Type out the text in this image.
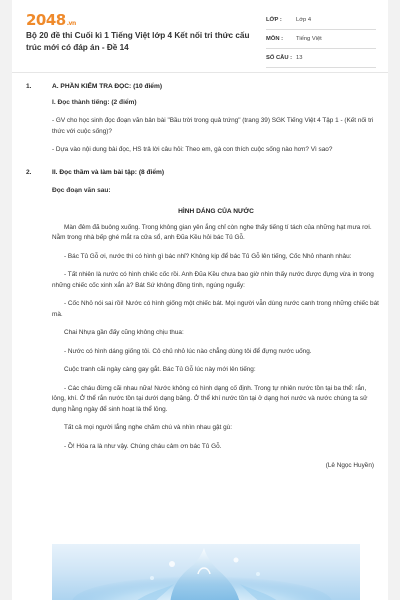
2048.vn
Bộ 20 đề thi Cuối kì 1 Tiếng Việt lớp 4 Kết nối tri thức cấu trúc mới có đáp án - Đề 14
LỚP :	Lớp 4
MÔN :	Tiếng Việt
SỐ CÂU : 13
1.	A. PHẦN KIỂM TRA ĐỌC: (10 điểm)
I. Đọc thành tiếng: (2 điểm)
- GV cho học sinh đọc đoạn văn bản bài "Bầu trời trong quả trứng" (trang 39) SGK Tiếng Việt 4 Tập 1 - (Kết nối tri thức với cuộc sống)?
- Dựa vào nội dung bài đọc, HS trả lời câu hỏi: Theo em, gà con thích cuộc sống nào hơn? Vì sao?
2.	II. Đọc thầm và làm bài tập: (8 điểm)
Đọc đoạn văn sau:
HÌNH DÁNG CỦA NƯỚC
Màn đêm đã buông xuống. Trong không gian yên ắng chỉ còn nghe thấy tiếng tí tách của những hạt mưa rơi. Nằm trong nhà bếp ghé mắt ra cửa sổ, anh Đũa Kều hỏi bác Tủ Gỗ.
- Bác Tủ Gỗ ơi, nước thì có hình gì bác nhỉ? Không kịp để bác Tủ Gỗ lên tiếng, Cốc Nhỏ nhanh nhảu:
- Tất nhiên là nước có hình chiếc cốc rồi. Anh Đũa Kều chưa bao giờ nhìn thấy nước được đựng vừa in trong những chiếc cốc xinh xắn à? Bát Sứ không đồng tình, ngúng nguẩy:
- Cốc Nhỏ nói sai rồi! Nước có hình giống một chiếc bát. Mọi người vẫn dùng nước canh trong những chiếc bát mà.
Chai Nhựa gần đấy cũng không chịu thua:
- Nước có hình dáng giống tôi. Cô chủ nhỏ lúc nào chẳng dùng tôi để đựng nước uống.
Cuộc tranh cãi ngày càng gay gắt. Bác Tủ Gỗ lúc này mới lên tiếng:
- Các cháu đừng cãi nhau nữa! Nước không có hình dạng cố định. Trong tự nhiên nước tồn tại ba thể: rắn, lỏng, khí. Ở thể rắn nước tồn tại dưới dạng băng. Ở thể khí nước tồn tại ở dạng hơi nước và nước chúng ta sử dụng hằng ngày để sinh hoạt là thể lỏng.
Tất cả mọi người lắng nghe chăm chú và nhìn nhau gật gù:
- Ồ! Hóa ra là như vậy. Chúng cháu cảm ơn bác Tủ Gỗ.
(Lê Ngọc Huyền)
